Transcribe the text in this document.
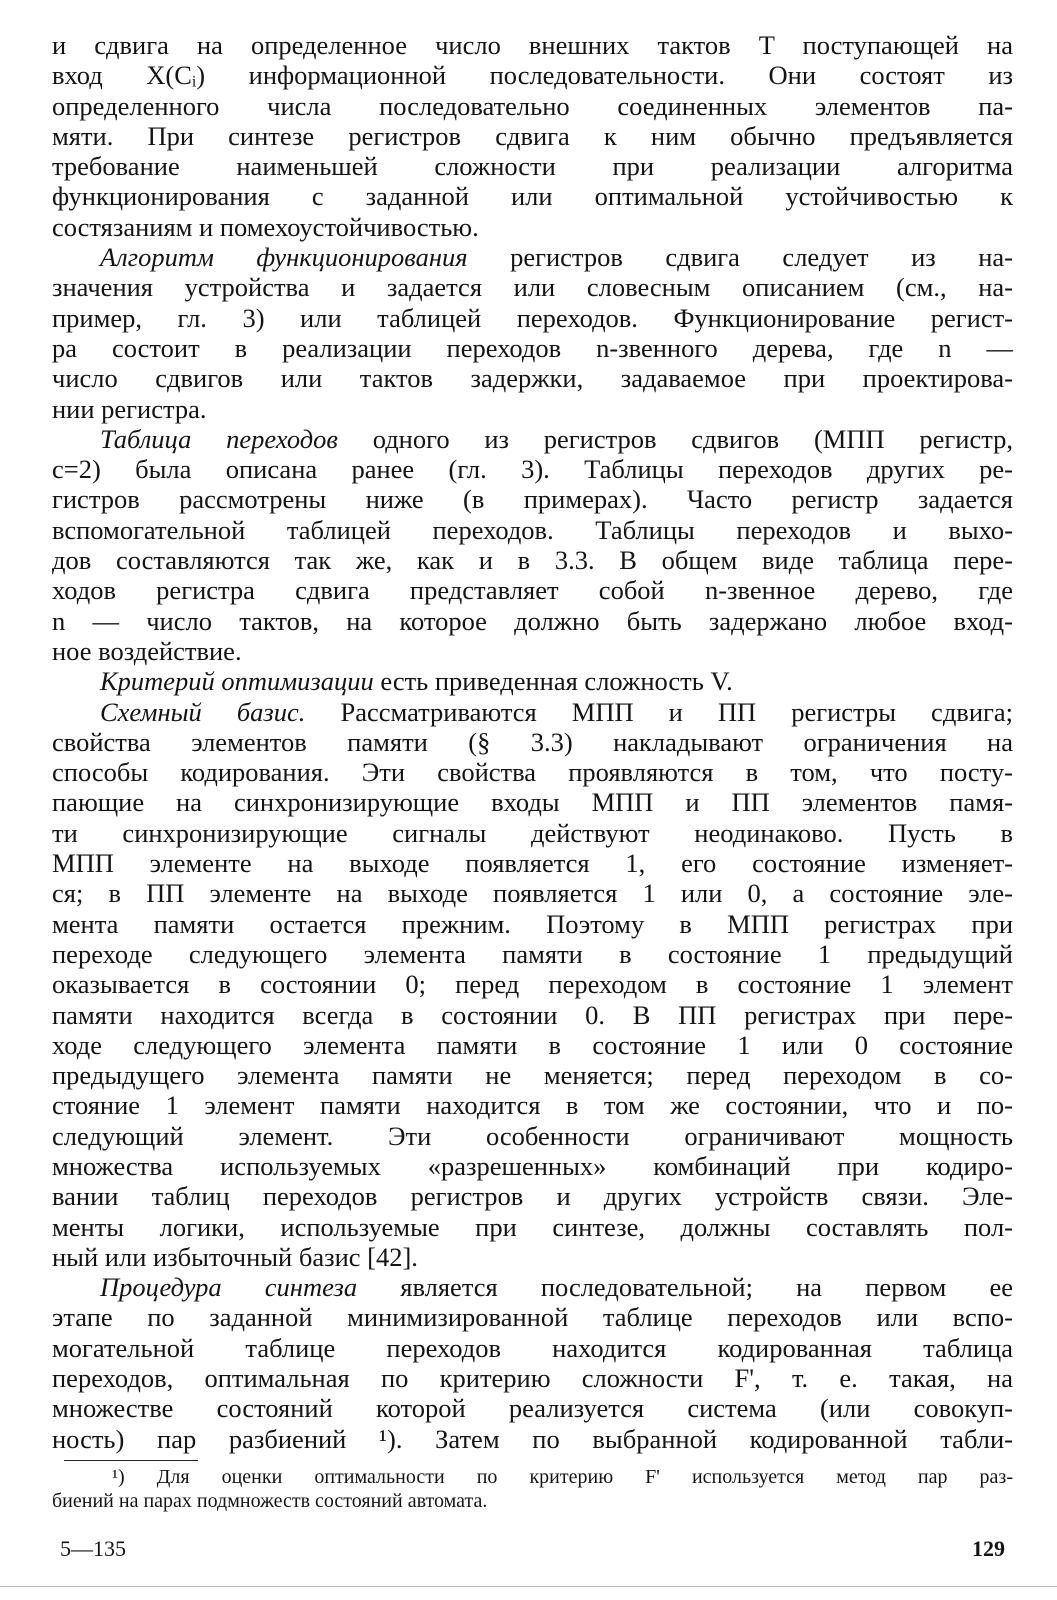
и сдвига на определенное число внешних тактов T поступающей на
вход X(Cᵢ) информационной последовательности. Они состоят из
определенного числа последовательно соединенных элементов па-
мяти. При синтезе регистров сдвига к ним обычно предъявляется
требование наименьшей сложности при реализации алгоритма
функционирования с заданной или оптимальной устойчивостью к
состязаниям и помехоустойчивостью.
Алгоритм функционирования регистров сдвига следует из на-
значения устройства и задается или словесным описанием (см., на-
пример, гл. 3) или таблицей переходов. Функционирование регист-
ра состоит в реализации переходов n-звенного дерева, где n —
число сдвигов или тактов задержки, задаваемое при проектирова-
нии регистра.
Таблица переходов одного из регистров сдвигов (МПП регистр,
c=2) была описана ранее (гл. 3). Таблицы переходов других ре-
гистров рассмотрены ниже (в примерах). Часто регистр задается
вспомогательной таблицей переходов. Таблицы переходов и выхо-
дов составляются так же, как и в 3.3. В общем виде таблица пере-
ходов регистра сдвига представляет собой n-звенное дерево, где
n — число тактов, на которое должно быть задержано любое вход-
ное воздействие.
Критерий оптимизации есть приведенная сложность V.
Схемный базис. Рассматриваются МПП и ПП регистры сдвига;
свойства элементов памяти (§ 3.3) накладывают ограничения на
способы кодирования. Эти свойства проявляются в том, что посту-
пающие на синхронизирующие входы МПП и ПП элементов памя-
ти синхронизирующие сигналы действуют неодинаково. Пусть в
МПП элементе на выходе появляется 1, его состояние изменяет-
ся; в ПП элементе на выходе появляется 1 или 0, а состояние эле-
мента памяти остается прежним. Поэтому в МПП регистрах при
переходе следующего элемента памяти в состояние 1 предыдущий
оказывается в состоянии 0; перед переходом в состояние 1 элемент
памяти находится всегда в состоянии 0. В ПП регистрах при пере-
ходе следующего элемента памяти в состояние 1 или 0 состояние
предыдущего элемента памяти не меняется; перед переходом в со-
стояние 1 элемент памяти находится в том же состоянии, что и по-
следующий элемент. Эти особенности ограничивают мощность
множества используемых «разрешенных» комбинаций при кодиро-
вании таблиц переходов регистров и других устройств связи. Эле-
менты логики, используемые при синтезе, должны составлять пол-
ный или избыточный базис [42].
Процедура синтеза является последовательной; на первом ее
этапе по заданной минимизированной таблице переходов или вспо-
могательной таблице переходов находится кодированная таблица
переходов, оптимальная по критерию сложности F', т. е. такая, на
множестве состояний которой реализуется система (или совокуп-
ность) пар разбиений ¹). Затем по выбранной кодированной табли-
¹) Для оценки оптимальности по критерию F' используется метод пар раз-
биений на парах подмножеств состояний автомата.
5—135	129
